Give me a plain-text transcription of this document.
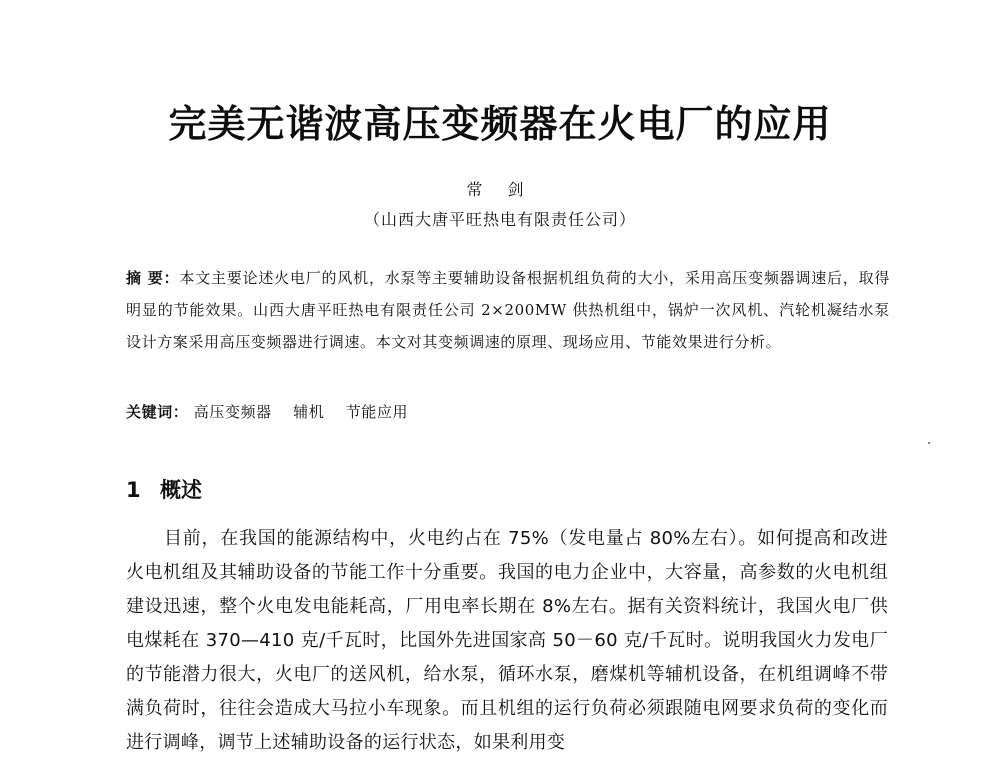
完美无谐波高压变频器在火电厂的应用
常 剑
（山西大唐平旺热电有限责任公司）
摘 要：本文主要论述火电厂的风机，水泵等主要辅助设备根据机组负荷的大小，采用高压变频器调速后，取得明显的节能效果。山西大唐平旺热电有限责任公司 2×200MW 供热机组中，锅炉一次风机、汽轮机凝结水泵设计方案采用高压变频器进行调速。本文对其变频调速的原理、现场应用、节能效果进行分析。
关键词： 高压变频器 辅机 节能应用
1 概述
目前，在我国的能源结构中，火电约占在 75%（发电量占 80%左右）。如何提高和改进火电机组及其辅助设备的节能工作十分重要。我国的电力企业中，大容量，高参数的火电机组建设迅速，整个火电发电能耗高，厂用电率长期在 8%左右。据有关资料统计，我国火电厂供电煤耗在 370—410 克/千瓦时，比国外先进国家高 50－60 克/千瓦时。说明我国火力发电厂的节能潜力很大，火电厂的送风机，给水泵，循环水泵，磨煤机等辅机设备，在机组调峰不带满负荷时，往往会造成大马拉小车现象。而且机组的运行负荷必须跟随电网要求负荷的变化而进行调峰，调节上述辅助设备的运行状态，如果利用变
